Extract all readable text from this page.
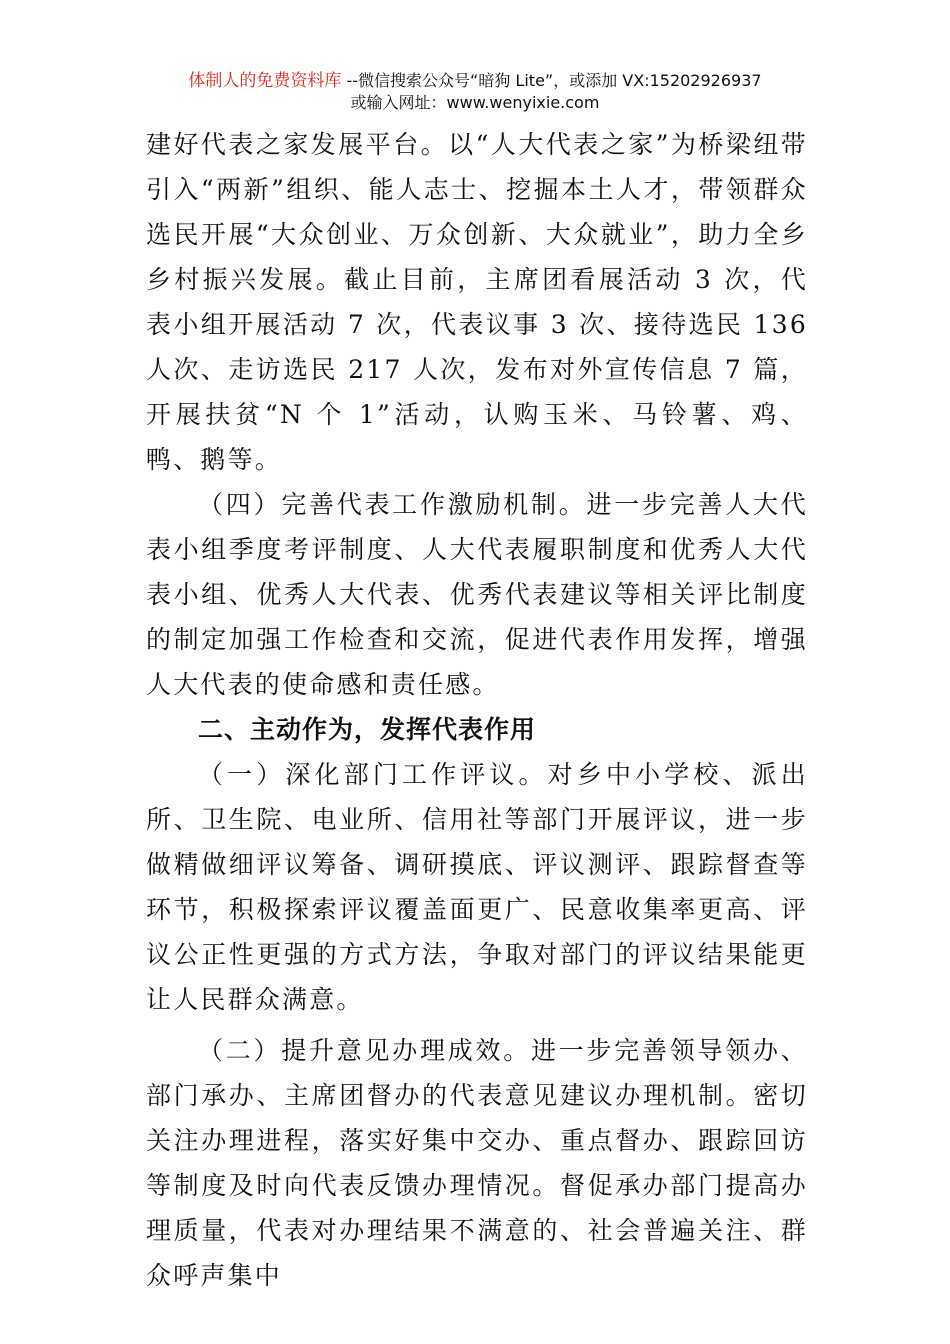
体制人的免费资料库 --微信搜索公众号“暗狗 Lite”，或添加 VX:15202926937
或输入网址：www.wenyixie.com

建好代表之家发展平台。以“人大代表之家”为桥梁纽带引入“两新”组织、能人志士、挖掘本土人才，带领群众选民开展“大众创业、万众创新、大众就业”，助力全乡乡村振兴发展。截止目前，主席团看展活动 3 次，代表小组开展活动 7 次，代表议事 3 次、接待选民 136 人次、走访选民 217 人次，发布对外宣传信息 7 篇，开展扶贫“N 个 1”活动，认购玉米、马铃薯、鸡、鸭、鹅等。

（四）完善代表工作激励机制。进一步完善人大代表小组季度考评制度、人大代表履职制度和优秀人大代表小组、优秀人大代表、优秀代表建议等相关评比制度的制定加强工作检查和交流，促进代表作用发挥，增强人大代表的使命感和责任感。

二、主动作为，发挥代表作用

（一）深化部门工作评议。对乡中小学校、派出所、卫生院、电业所、信用社等部门开展评议，进一步做精做细评议筹备、调研摸底、评议测评、跟踪督查等环节，积极探索评议覆盖面更广、民意收集率更高、评议公正性更强的方式方法，争取对部门的评议结果能更让人民群众满意。

（二）提升意见办理成效。进一步完善领导领办、部门承办、主席团督办的代表意见建议办理机制。密切关注办理进程，落实好集中交办、重点督办、跟踪回访等制度及时向代表反馈办理情况。督促承办部门提高办理质量，代表对办理结果不满意的、社会普遍关注、群众呼声集中
